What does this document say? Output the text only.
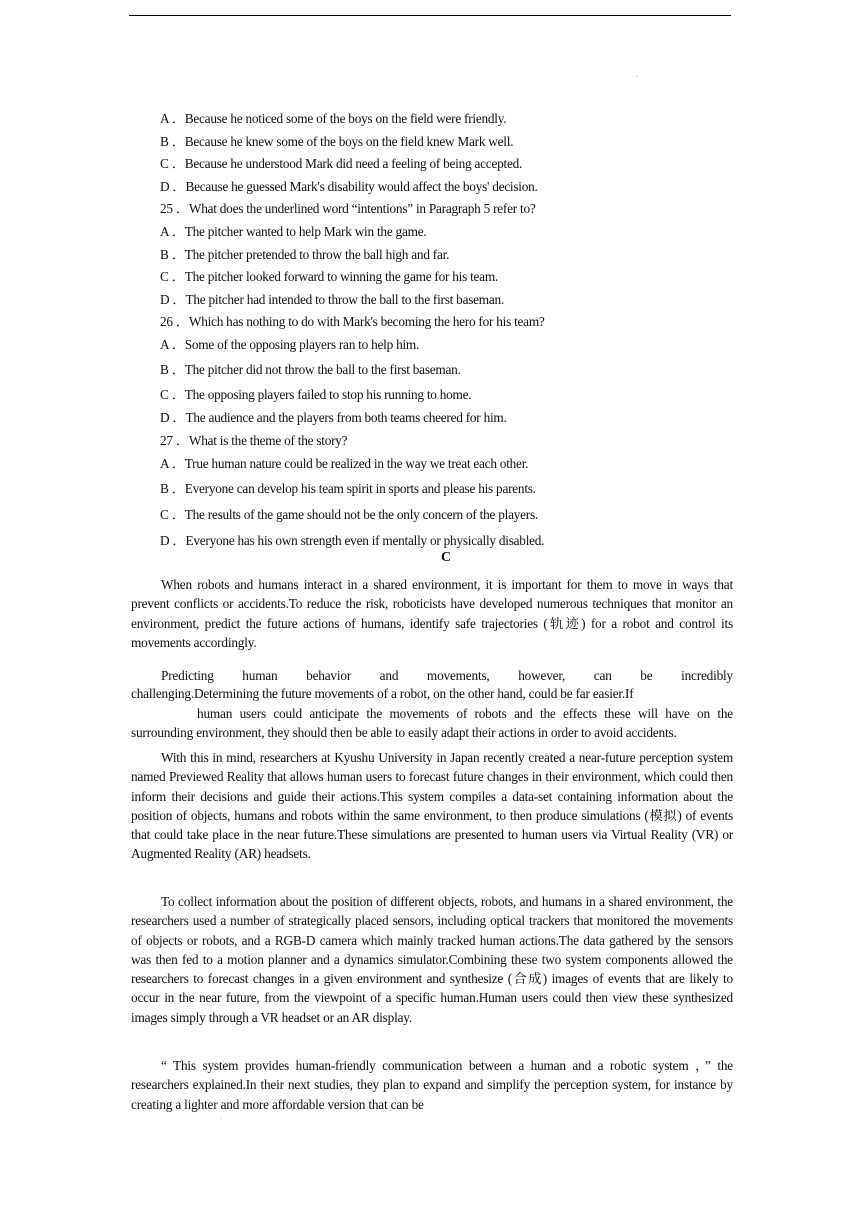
.
A ．Because he noticed some of the boys on the field were friendly.
B ．Because he knew some of the boys on the field knew Mark well.
C ．Because he understood Mark did need a feeling of being accepted.
D ．Because he guessed Mark's disability would affect the boys' decision.
25 ．What does the underlined word “intentions” in Paragraph 5 refer to?
A ．The pitcher wanted to help Mark win the game.
B ．The pitcher pretended to throw the ball high and far.
C ．The pitcher looked forward to winning the game for his team.
D ．The pitcher had intended to throw the ball to the first baseman.
26 ．Which has nothing to do with Mark's becoming the hero for his team?
A ．Some of the opposing players ran to help him.
B ．The pitcher did not throw the ball to the first baseman.
C ．The opposing players failed to stop his running to home.
D ．The audience and the players from both teams cheered for him.
27 ．What is the theme of the story?
A ．True human nature could be realized in the way we treat each other.
B ．Everyone can develop his team spirit in sports and please his parents.
C ．The results of the game should not be the only concern of the players.
D ．Everyone has his own strength even if mentally or physically disabled.
C
When robots and humans interact in a shared environment, it is important for them to move in ways that prevent conflicts or accidents.To reduce the risk, roboticists have developed numerous techniques that monitor an environment, predict the future actions of humans, identify safe trajectories (轨迹) for a robot and control its movements accordingly.
Predicting human behavior and movements, however, can be incredibly
challenging.Determining the future movements of a robot, on the other hand, could be far easier.If
human users could anticipate the movements of robots and the effects these will have on the surrounding environment, they should then be able to easily adapt their actions in order to avoid accidents.
With this in mind, researchers at Kyushu University in Japan recently created a near-future perception system named Previewed Reality that allows human users to forecast future changes in their environment, which could then inform their decisions and guide their actions.This system compiles a data-set containing information about the position of objects, humans and robots within the same environment, to then produce simulations (模拟) of events that could take place in the near future.These simulations are presented to human users via Virtual Reality (VR) or Augmented Reality (AR) headsets.
To collect information about the position of different objects, robots, and humans in a shared environment, the researchers used a number of strategically placed sensors, including optical trackers that monitored the movements of objects or robots, and a RGB-D camera which mainly tracked human actions.The data gathered by the sensors was then fed to a motion planner and a dynamics simulator.Combining these two system components allowed the researchers to forecast changes in a given environment and synthesize (合成) images of events that are likely to occur in the near future, from the viewpoint of a specific human.Human users could then view these synthesized images simply through a VR headset or an AR display.
“ This system provides human-friendly communication between a human and a robotic system ，” the researchers explained.In their next studies, they plan to expand and simplify the perception system, for instance by creating a lighter and more affordable version that can be
'
